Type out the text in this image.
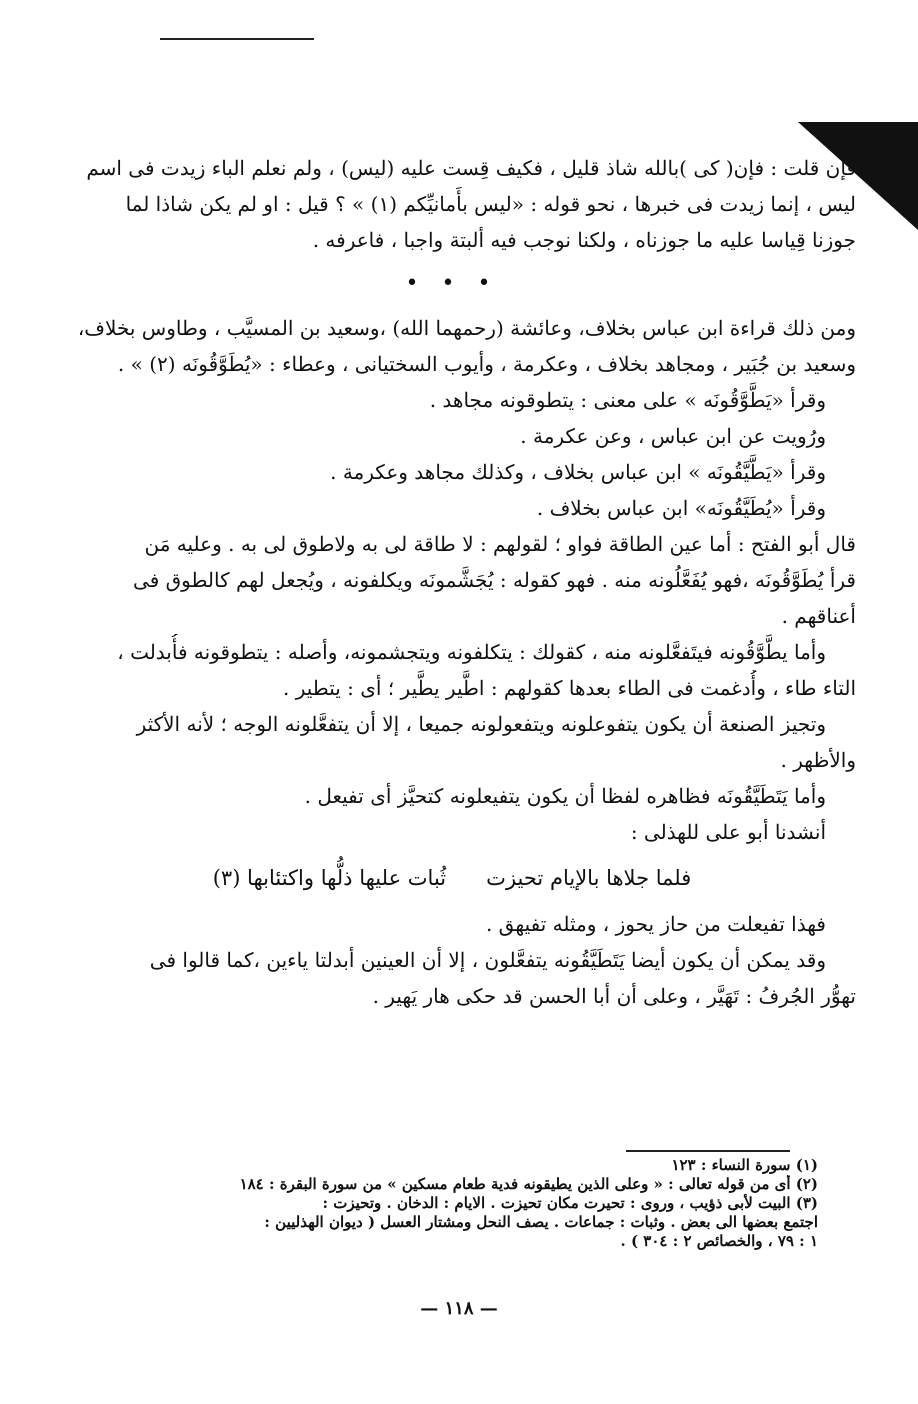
فإن قلت : فإن( كى )بالله شاذ قليل ، فكيف قِست عليه (ليس) ، ولم نعلم الباء زيدت فى اسم

ليس ، إنما زيدت فى خبرها ، نحو قوله : «ليس بأَمانيِّكم (١) » ؟ قيل : او لم يكن شاذا لما

جوزنا قِياسا عليه ما جوزناه ، ولكنا نوجب فيه ألبتة واجبا ، فاعرفه .

• • •

ومن ذلك قراءة ابن عباس بخلاف، وعائشة (رحمهما الله) ،وسعيد بن المسيَّب ، وطاوس بخلاف،

وسعيد بن جُبَير ، ومجاهد بخلاف ، وعكرمة ، وأيوب السختيانى ، وعطاء : «يُطَوَّقُونَه (٢) » .

وقرأ «يَطَّوَّقُونَه » على معنى : يتطوقونه مجاهد .

ورُويت عن ابن عباس ، وعن عكرمة .

وقرأ «يَطَّيَّقُونَه » ابن عباس بخلاف ، وكذلك مجاهد وعكرمة .

وقرأ «يُطَيَّقُونَه» ابن عباس بخلاف .

قال أبو الفتح : أما عين الطاقة فواو ؛ لقولهم : لا طاقة لى به ولاطوق لى به . وعليه مَن

قرأ يُطَوَّقُونَه ،فهو يُفَعَّلُونه منه . فهو كقوله : يُجَشَّمونَه ويكلفونه ، ويُجعل لهم كالطوق فى

أعناقهم .

وأما يطَّوَّقُونه فيتَفعَّلونه منه ، كقولك : يتكلفونه ويتجشمونه، وأصله : يتطوقونه فأُبدلت ،

التاء طاء ، وأُدغمت فى الطاء بعدها كقولهم : اطَّير يطَّير ؛ أى : يتطير .

وتجيز الصنعة أن يكون يتفوعلونه ويتفعولونه جميعا ، إلا أن يتفعَّلونه الوجه ؛ لأنه الأكثر

والأظهر .

وأما يَتَطَيَّقُونَه فظاهره لفظا أن يكون يتفيعلونه كتحيَّز أى تفيعل .

أنشدنا أبو على للهذلى :

فلما جلاها بالإيام تحيزت      ثُبات عليها ذلُّها واكتئابها (٣)

فهذا تفيعلت من حاز يحوز ، ومثله تفيهق .

وقد يمكن أن يكون أيضا يَتَطَيَّقُونه يتفعَّلون ، إلا أن العينين أبدلتا ياءين ،كما قالوا فى

تهوُّر الجُرفُ : تَهَيَّر ، وعلى أن أبا الحسن قد حكى هار يَهير .

(١) سورة النساء : ١٢٣

(٢) أى من قوله تعالى : « وعلى الذين يطيقونه فدية طعام مسكين » من سورة البقرة : ١٨٤

(٣) البيت لأبى ذؤيب ، وروى : تحيرت مكان تحيزت . الايام : الدخان . وتحيزت :

اجتمع بعضها الى بعض . وثبات : جماعات . يصف النحل ومشتار العسل ( ديوان الهذليين :

١ : ٧٩ ، والخصائص ٢ : ٣٠٤ ) .

— ١١٨ —
